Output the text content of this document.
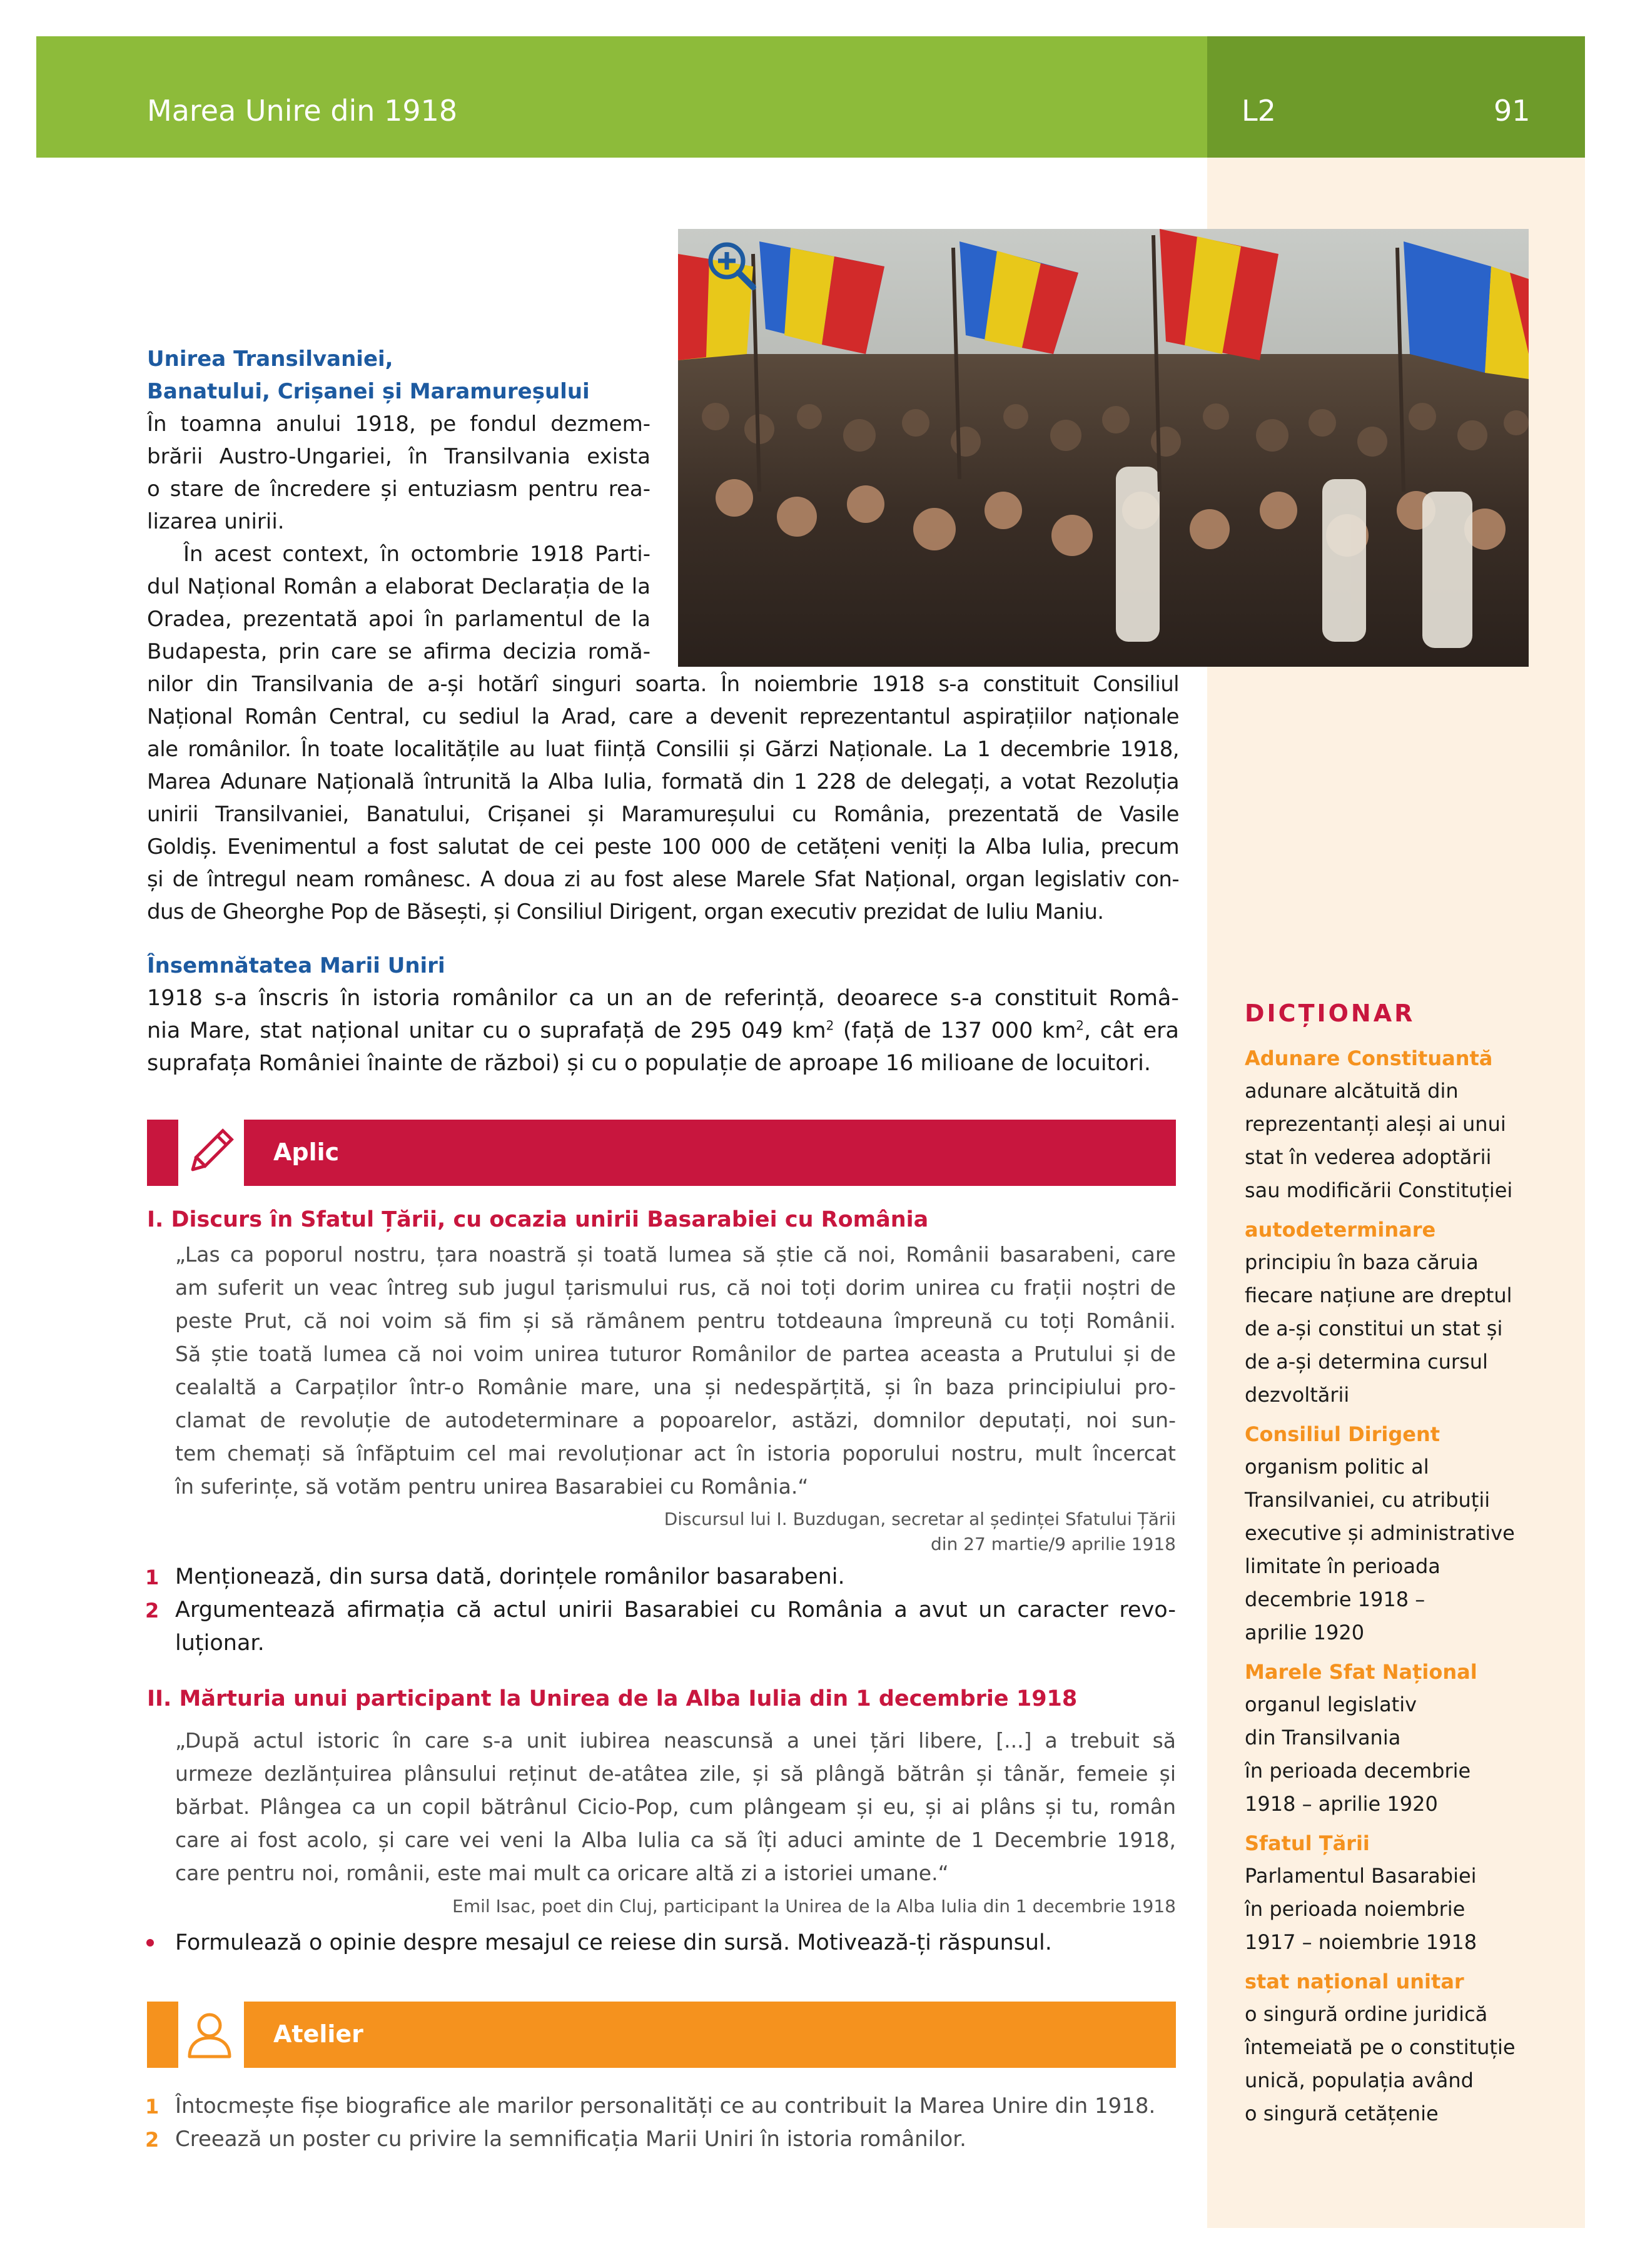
Marea Unire din 1918	L2	91
Unirea Transilvaniei,
Banatului, Crișanei și Maramureșului
În toamna anului 1918, pe fondul dezmem-
brării Austro-Ungariei, în Transilvania exista
o stare de încredere și entuziasm pentru rea-
lizarea unirii.
În acest context, în octombrie 1918 Parti-
dul Național Român a elaborat Declarația de la
Oradea, prezentată apoi în parlamentul de la
Budapesta, prin care se afirma decizia romă-
nilor din Transilvania de a-și hotărî singuri soarta. În noiembrie 1918 s-a constituit Consiliul
Național Român Central, cu sediul la Arad, care a devenit reprezentantul aspirațiilor naționale
ale românilor. În toate localitățile au luat ființă Consilii și Gărzi Naționale. La 1 decembrie 1918,
Marea Adunare Națională întrunită la Alba Iulia, formată din 1 228 de delegați, a votat Rezoluția
unirii Transilvaniei, Banatului, Crișanei și Maramureșului cu România, prezentată de Vasile
Goldiș. Evenimentul a fost salutat de cei peste 100 000 de cetățeni veniți la Alba Iulia, precum
și de întregul neam românesc. A doua zi au fost alese Marele Sfat Național, organ legislativ con-
dus de Gheorghe Pop de Băsești, și Consiliul Dirigent, organ executiv prezidat de Iuliu Maniu.
Însemnătatea Marii Uniri
1918 s-a înscris în istoria românilor ca un an de referință, deoarece s-a constituit Româ-
nia Mare, stat național unitar cu o suprafață de 295 049 $km^2$ (față de 137 000 $km^2$, cât era
suprafața României înainte de război) și cu o populație de aproape 16 milioane de locuitori.
Aplic
I. Discurs în Sfatul Țării, cu ocazia unirii Basarabiei cu România
„Las ca poporul nostru, țara noastră și toată lumea să știe că noi, Românii basarabeni, care
am suferit un veac întreg sub jugul țarismului rus, că noi toți dorim unirea cu frații noștri de
peste Prut, că noi voim să fim și să rămânem pentru totdeauna împreună cu toți Românii.
Să știe toată lumea că noi voim unirea tuturor Românilor de partea aceasta a Prutului și de
cealaltă a Carpaților într-o Românie mare, una și nedespărțită, și în baza principiului pro-
clamat de revoluție de autodeterminare a popoarelor, astăzi, domnilor deputați, noi sun-
tem chemați să înfăptuim cel mai revoluționar act în istoria poporului nostru, mult încercat
în suferințe, să votăm pentru unirea Basarabiei cu România.“
Discursul lui I. Buzdugan, secretar al ședinței Sfatului Țării
din 27 martie/9 aprilie 1918
1 Menționează, din sursa dată, dorințele românilor basarabeni.
2 Argumentează afirmația că actul unirii Basarabiei cu România a avut un caracter revo-
luționar.
II. Mărturia unui participant la Unirea de la Alba Iulia din 1 decembrie 1918
„După actul istoric în care s-a unit iubirea neascunsă a unei țări libere, [...] a trebuit să
urmeze dezlănțuirea plânsului reținut de-atâtea zile, și să plângă bătrân și tânăr, femeie și
bărbat. Plângea ca un copil bătrânul Cicio-Pop, cum plângeam și eu, și ai plâns și tu, român
care ai fost acolo, și care vei veni la Alba Iulia ca să îți aduci aminte de 1 Decembrie 1918,
care pentru noi, românii, este mai mult ca oricare altă zi a istoriei umane.“
Emil Isac, poet din Cluj, participant la Unirea de la Alba Iulia din 1 decembrie 1918
Formulează o opinie despre mesajul ce reiese din sursă. Motivează-ți răspunsul.
Atelier
1 Întocmește fișe biografice ale marilor personalități ce au contribuit la Marea Unire din 1918.
2 Creează un poster cu privire la semnificația Marii Uniri în istoria românilor.
DICȚIONAR
Adunare Constituantă
adunare alcătuită din
reprezentanți aleși ai unui
stat în vederea adoptării
sau modificării Constituției
autodeterminare
principiu în baza căruia
fiecare națiune are dreptul
de a-și constitui un stat și
de a-și determina cursul
dezvoltării
Consiliul Dirigent
organism politic al
Transilvaniei, cu atribuții
executive și administrative
limitate în perioada
decembrie 1918 –
aprilie 1920
Marele Sfat Național
organul legislativ
din Transilvania
în perioada decembrie
1918 – aprilie 1920
Sfatul Țării
Parlamentul Basarabiei
în perioada noiembrie
1917 – noiembrie 1918
stat național unitar
o singură ordine juridică
întemeiată pe o constituție
unică, populația având
o singură cetățenie
